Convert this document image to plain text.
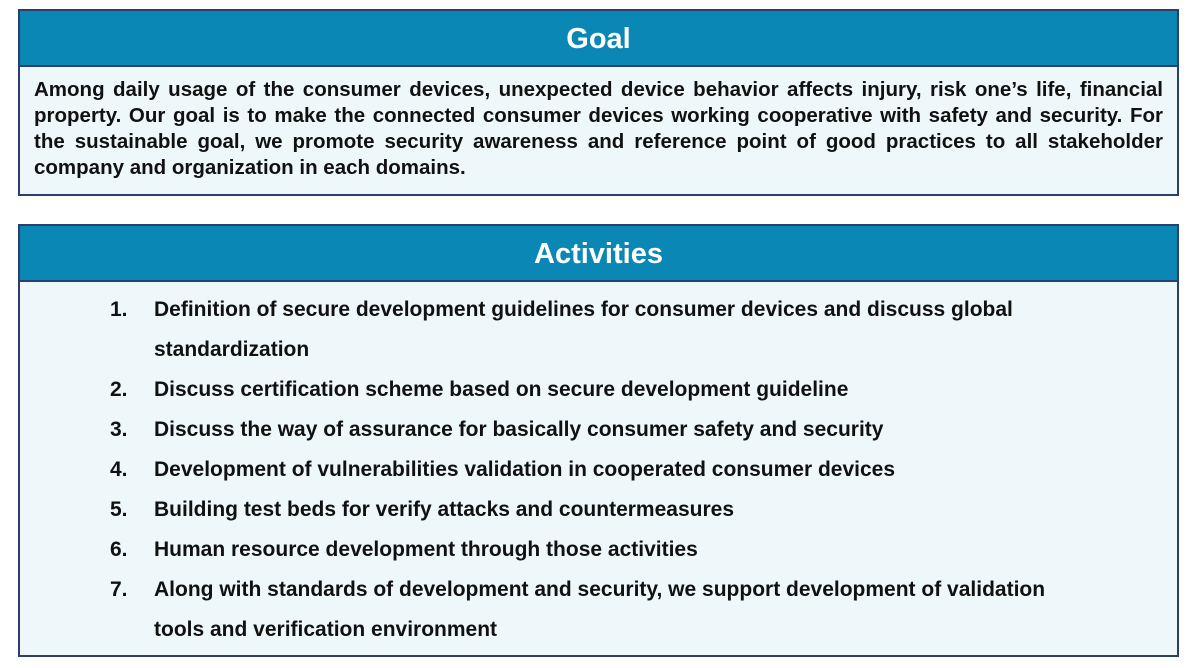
Goal

Among daily usage of the consumer devices, unexpected device behavior affects injury, risk one’s life, financial property. Our goal is to make the connected consumer devices working cooperative with safety and security. For the sustainable goal, we promote security awareness and reference point of good practices to all stakeholder company and organization in each domains.

Activities
1.	Definition of secure development guidelines for consumer devices and discuss global standardization
2.	Discuss certification scheme based on secure development guideline
3.	Discuss the way of assurance for basically consumer safety and security
4.	Development of vulnerabilities validation in cooperated consumer devices
5.	Building test beds for verify attacks and countermeasures
6.	Human resource development through those activities
7.	Along with standards of development and security, we support development of validation tools and verification environment
